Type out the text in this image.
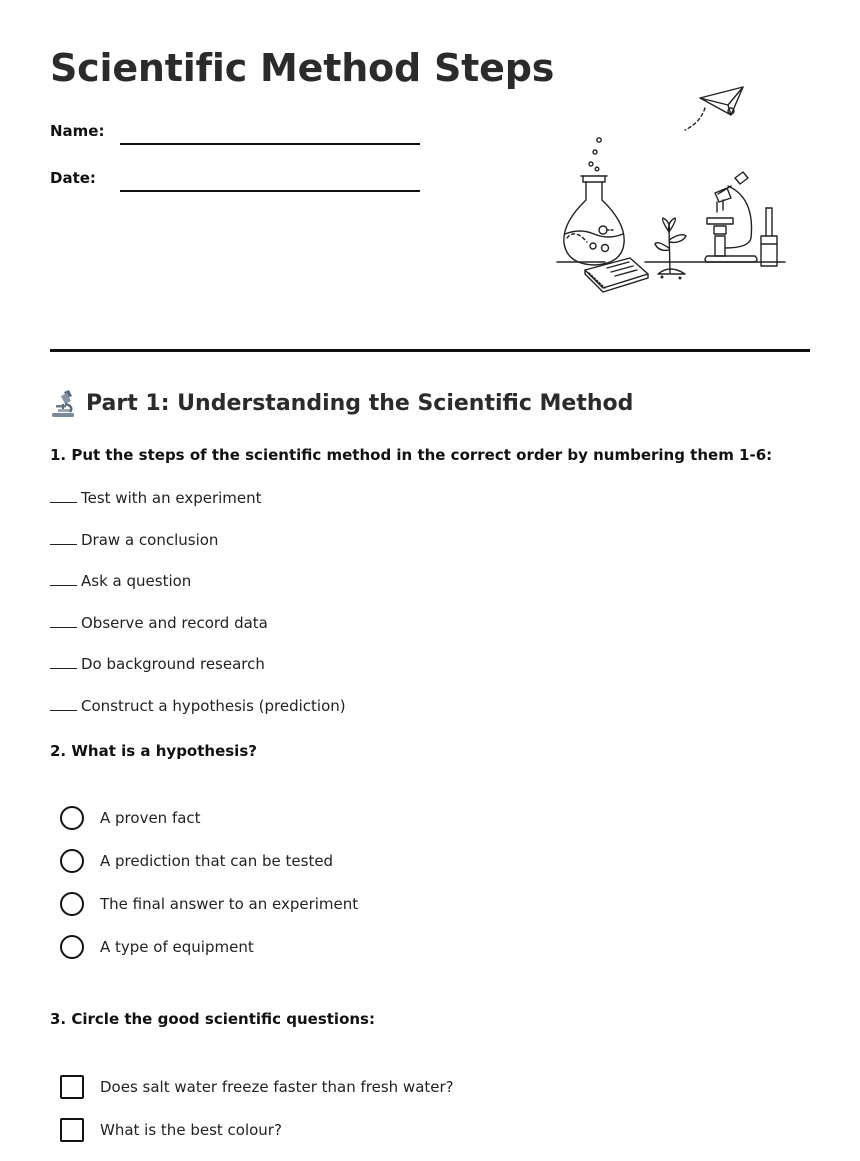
Scientific Method Steps
Name:
Date:
Part 1: Understanding the Scientific Method
1. Put the steps of the scientific method in the correct order by numbering them 1-6:
Test with an experiment
Draw a conclusion
Ask a question
Observe and record data
Do background research
Construct a hypothesis (prediction)
2. What is a hypothesis?
A proven fact
A prediction that can be tested
The final answer to an experiment
A type of equipment
3. Circle the good scientific questions:
Does salt water freeze faster than fresh water?
What is the best colour?
